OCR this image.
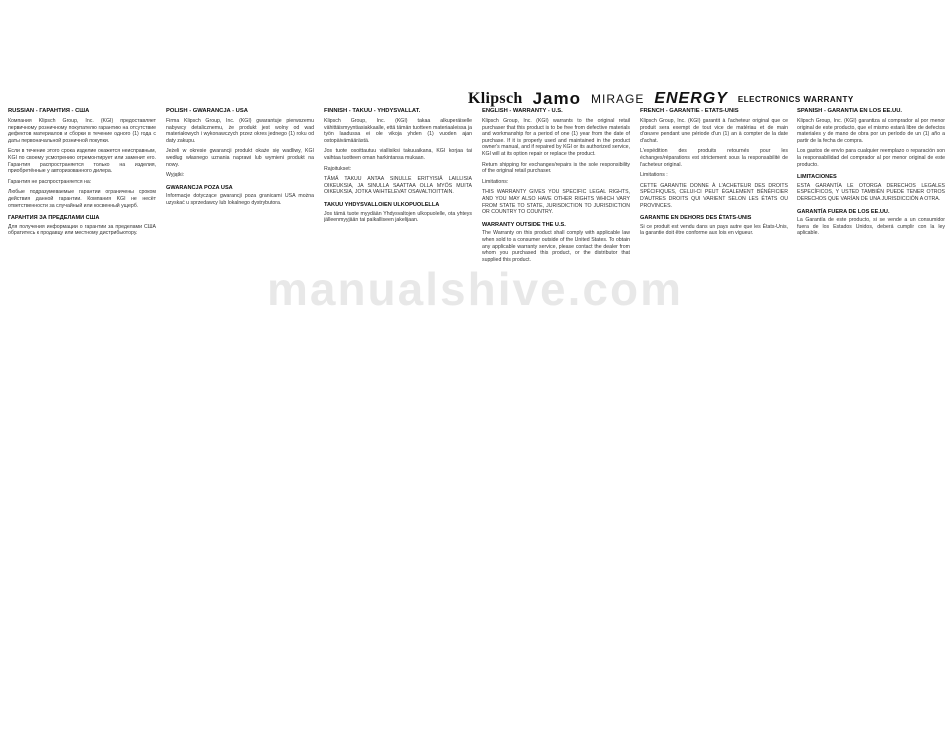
Klipsch Jamo MIRAGE ENERGY ELECTRONICS WARRANTY
manualshive.com
RUSSIAN - ГАРАНТИЯ - США

Компания Klipsch Group, Inc. (KGI) предоставляет первичному розничному покупателю гарантию на отсутствие дефектов материалов и сборки в течение одного (1) года с даты первоначальной розничной покупки.

Если в течение этого срока изделие окажется неисправным, KGI по своему усмотрению отремонтирует или заменит его. Гарантия распространяется только на изделия, приобретённые у авторизованного дилера.

Гарантия не распространяется на:

Любые подразумеваемые гарантии ограничены сроком действия данной гарантии. Компания KGI не несёт ответственности за случайный или косвенный ущерб.

ГАРАНТИЯ ЗА ПРЕДЕЛАМИ США

Для получения информации о гарантии за пределами США обратитесь к продавцу или местному дистрибьютору.

POLISH - GWARANCJA - USA

Firma Klipsch Group, Inc. (KGI) gwarantuje pierwszemu nabywcy detalicznemu, że produkt jest wolny od wad materiałowych i wykonawczych przez okres jednego (1) roku od daty zakupu.

Jeżeli w okresie gwarancji produkt okaże się wadliwy, KGI według własnego uznania naprawi lub wymieni produkt na nowy.

Wyjątki:

GWARANCJA POZA USA

Informacje dotyczące gwarancji poza granicami USA można uzyskać u sprzedawcy lub lokalnego dystrybutora.

FINNISH - TAKUU - YHDYSVALLAT.

Klipsch Group, Inc. (KGI) takaa alkuperäiselle vähittäismyyntiasiakkaalle, että tämän tuotteen materiaaleissa ja työn laadussa ei ole vikoja yhden (1) vuoden ajan ostopäivämäärästä.

Jos tuote osoittautuu viallisiksi takuuaikana, KGI korjaa tai vaihtaa tuotteen oman harkintansa mukaan.

Rajoitukset:

TÄMÄ TAKUU ANTAA SINULLE ERITYISIÄ LAILLISIA OIKEUKSIA, JA SINULLA SAATTAA OLLA MYÖS MUITA OIKEUKSIA, JOTKA VAIHTELEVAT OSAVALTIOITTAIN.

TAKUU YHDYSVALLOIEN ULKOPUOLELLA

Jos tämä tuote myydään Yhdysvaltojen ulkopuolelle, ota yhteys jälleenmyyjään tai paikalliseen jakelijaan.

ENGLISH - WARRANTY - U.S.

Klipsch Group, Inc. (KGI) warrants to the original retail purchaser that this product is to be free from defective materials and workmanship for a period of one (1) year from the date of purchase. If it is properly used and maintained in the product owner's manual, and if repaired by KGI or its authorized service, KGI will at its option repair or replace the product.

Return shipping for exchanges/repairs is the sole responsibility of the original retail purchaser.

Limitations:

THIS WARRANTY GIVES YOU SPECIFIC LEGAL RIGHTS, AND YOU MAY ALSO HAVE OTHER RIGHTS WHICH VARY FROM STATE TO STATE, JURISDICTION TO JURISDICTION OR COUNTRY TO COUNTRY.

WARRANTY OUTSIDE THE U.S.

The Warranty on this product shall comply with applicable law when sold to a consumer outside of the United States. To obtain any applicable warranty service, please contact the dealer from whom you purchased this product, or the distributor that supplied this product.

FRENCH - GARANTIE - ÉTATS-UNIS

Klipsch Group, Inc. (KGI) garantit à l'acheteur original que ce produit sera exempt de tout vice de matériau et de main d'œuvre pendant une période d'un (1) an à compter de la date d'achat.

L'expédition des produits retournés pour les échanges/réparations est strictement sous la responsabilité de l'acheteur original.

Limitations :

CETTE GARANTIE DONNE À L'ACHETEUR DES DROITS SPÉCIFIQUES, CELUI-CI PEUT ÉGALEMENT BÉNÉFICIER D'AUTRES DROITS QUI VARIENT SELON LES ÉTATS OU PROVINCES.

GARANTIE EN DEHORS DES ÉTATS-UNIS

Si ce produit est vendu dans un pays autre que les États-Unis, la garantie doit être conforme aux lois en vigueur.

SPANISH - GARANTÍA EN LOS EE.UU.

Klipsch Group, Inc. (KGI) garantiza al comprador al por menor original de este producto, que el mismo estará libre de defectos materiales y de mano de obra por un período de un (1) año a partir de la fecha de compra.

Los gastos de envío para cualquier reemplazo o reparación son la responsabilidad del comprador al por menor original de este producto.

LIMITACIONES

ESTA GARANTÍA LE OTORGA DERECHOS LEGALES ESPECÍFICOS, Y USTED TAMBIÉN PUEDE TENER OTROS DERECHOS QUE VARÍAN DE UNA JURISDICCIÓN A OTRA.

GARANTÍA FUERA DE LOS EE.UU.

La Garantía de este producto, si se vende a un consumidor fuera de los Estados Unidos, deberá cumplir con la ley aplicable.
